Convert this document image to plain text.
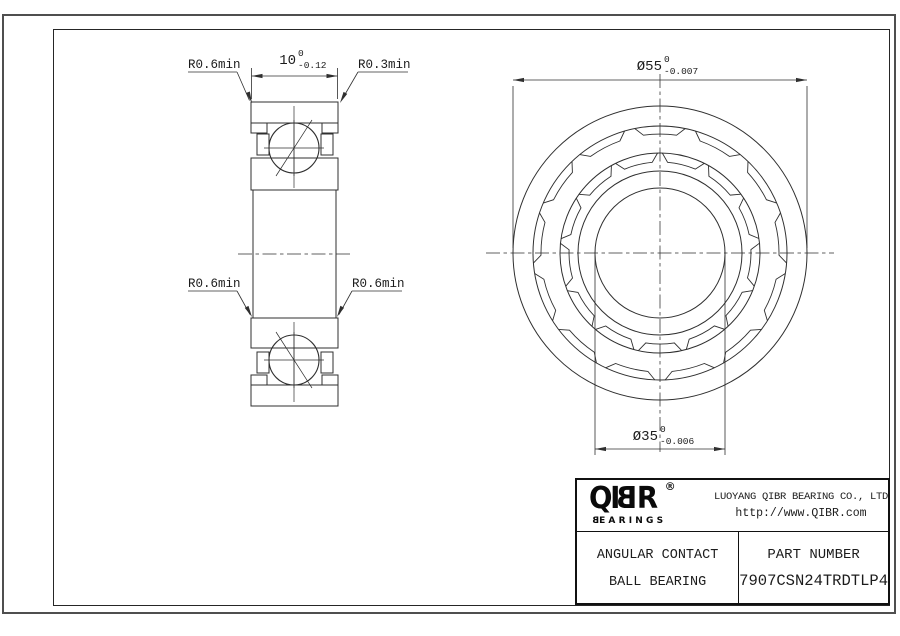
10 0
-0.12
R0.6min	R0.3min
R0.6min	R0.6min
Ø55 0
-0.007
Ø35 0
-0.006
QIBR ®
BEARINGS
LUOYANG QIBR BEARING CO., LTD
http://www.QIBR.com
ANGULAR CONTACT
BALL BEARING
PART NUMBER
7907CSN24TRDTLP4
